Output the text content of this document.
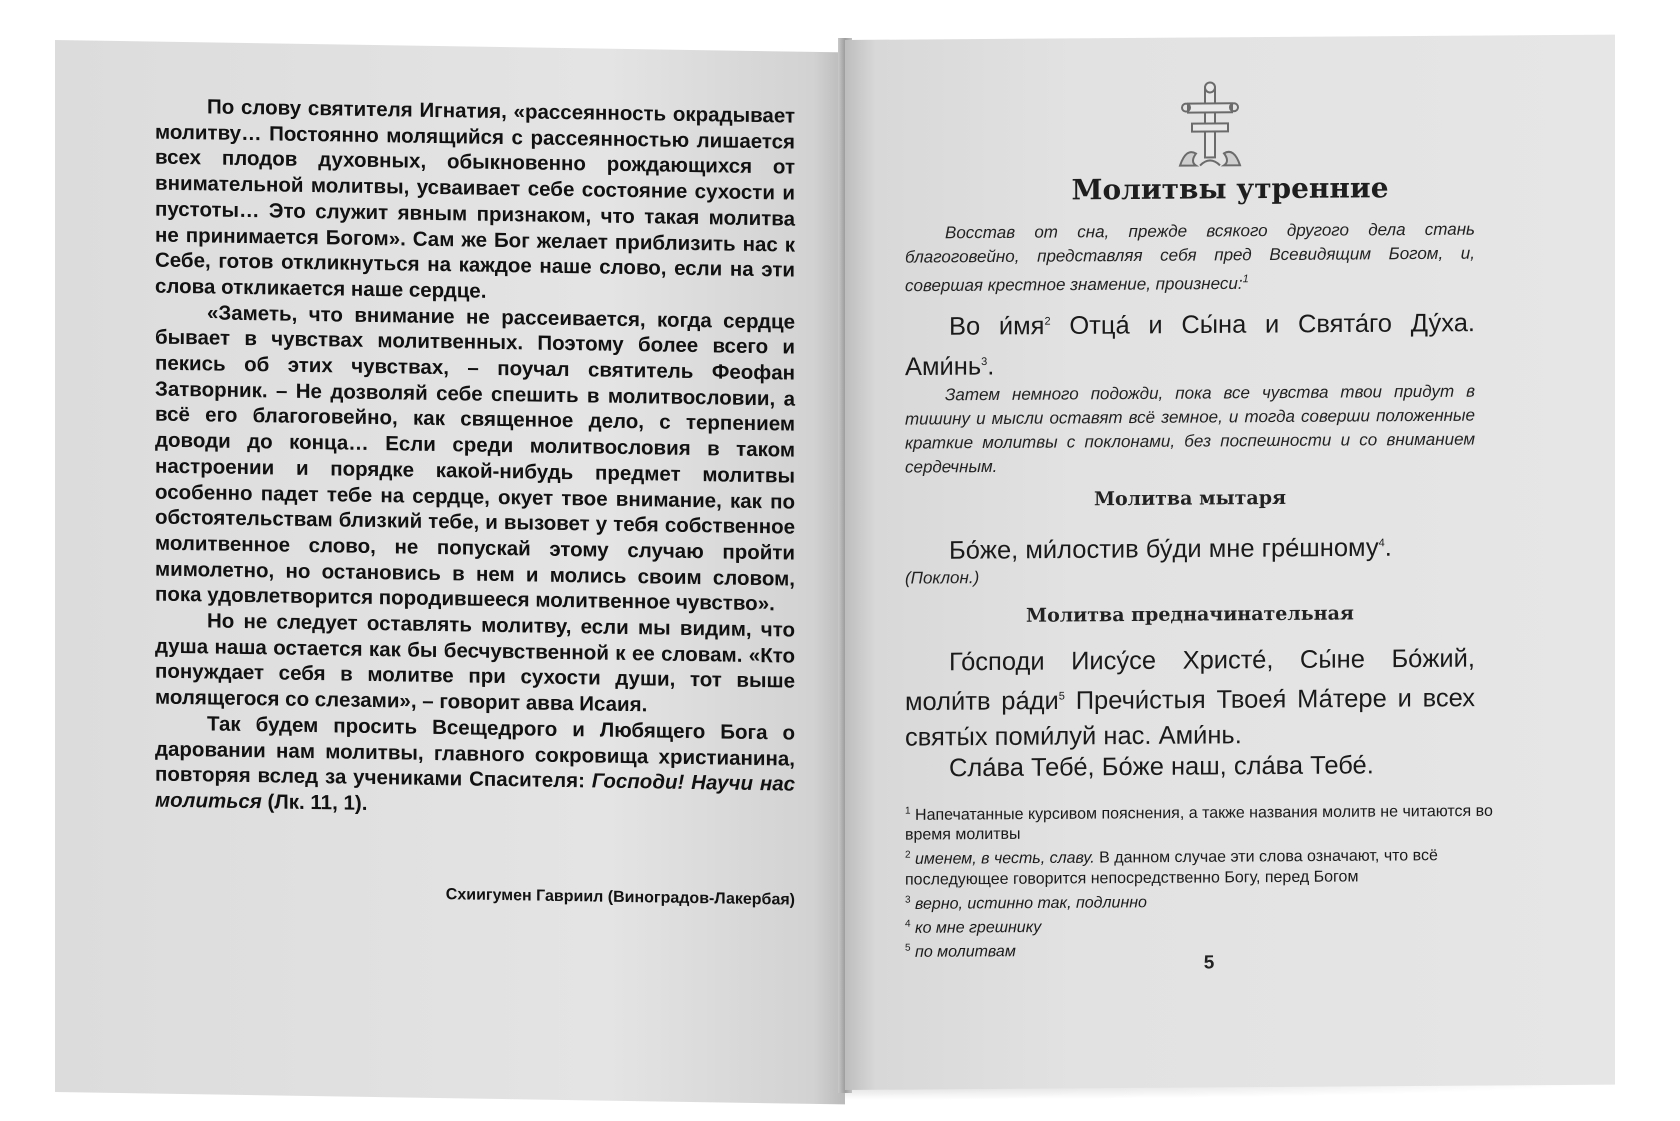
По слову святителя Игнатия, «рассеянность окрадывает молитву… Постоянно молящийся с рассеянностью лишается всех плодов духовных, обыкновенно рождающихся от внимательной молитвы, усваивает себе состояние сухости и пустоты… Это служит явным признаком, что такая молитва не принимается Богом». Сам же Бог желает приблизить нас к Себе, готов откликнуться на каждое наше слово, если на эти слова откликается наше сердце.

«Заметь, что внимание не рассеивается, когда сердце бывает в чувствах молитвенных. Поэтому более всего и пекись об этих чувствах, – поучал святитель Феофан Затворник. – Не дозволяй себе спешить в молитвословии, а всё его благоговейно, как священное дело, с терпением доводи до конца… Если среди молитвословия в таком настроении и порядке какой-нибудь предмет молитвы особенно падет тебе на сердце, окует твое внимание, как по обстоятельствам близкий тебе, и вызовет у тебя собственное молитвенное слово, не попускай этому случаю пройти мимолетно, но остановись в нем и молись своим словом, пока удовлетворится породившееся молитвенное чувство».

Но не следует оставлять молитву, если мы видим, что душа наша остается как бы бесчувственной к ее словам. «Кто понуждает себя в молитве при сухости души, тот выше молящегося со слезами», – говорит авва Исаия.

Так будем просить Всещедрого и Любящего Бога о даровании нам молитвы, главного сокровища христианина, повторяя вслед за учениками Спасителя: Господи! Научи нас молиться (Лк. 11, 1).

Схиигумен Гавриил (Виноградов-Лакербая)
Молитвы утренние
Восстав от сна, прежде всякого другого дела стань благоговейно, представляя себя пред Всевидящим Богом, и, совершая крестное знамение, произнеси:$^1$
Во $и́мя^2$ Отца́ и Сы́на и Свята́го Ду́ха. $Ами́нь^3$.
Затем немного подожди, пока все чувства твои придут в тишину и мысли оставят всё земное, и тогда соверши положенные краткие молитвы с поклонами, без поспешности и со вниманием сердечным.
Молитва мытаря
Бо́же, ми́лостив бу́ди мне гре́шному$^4$.
(Поклон.)
Молитва предначинательная
Го́споди Иису́се Христе́, Сы́не Бо́жий, моли́тв $ра́ди^5$ Пречи́стыя Твоея́ Ма́тере и всех святы́х поми́луй нас. Ами́нь.
Сла́ва Тебе́, Бо́же наш, сла́ва Тебе́.

$^1$ Напечатанные курсивом пояснения, а также названия молитв не читаются во время молитвы

$^2$ именем, в честь, славу. В данном случае эти слова означают, что всё последующее говорится непосредственно Богу, перед Богом

$^3$ верно, истинно так, подлинно

$^4$ ко мне грешнику

$^5$ по молитвам

5
